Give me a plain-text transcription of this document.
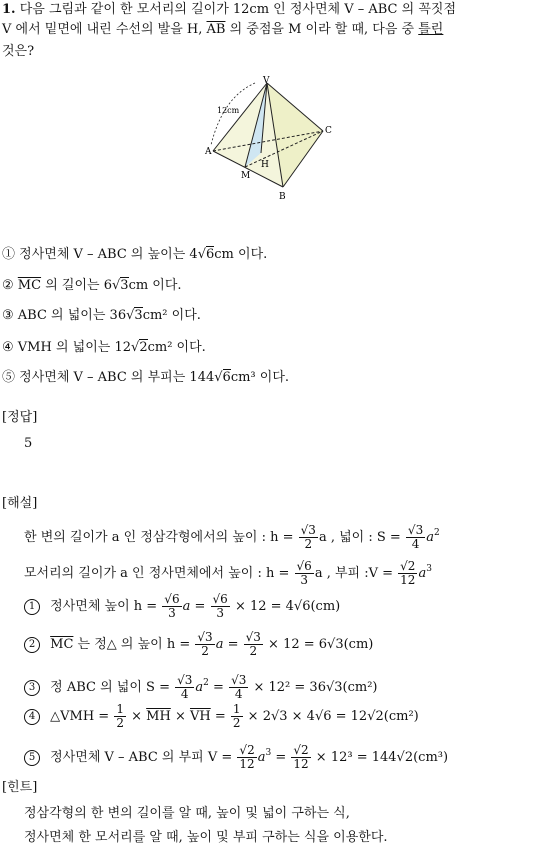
1. 다음 그림과 같이 한 모서리의 길이가 12cm 인 정사면체 V – ABC 의 꼭짓점
V 에서 밑면에 내린 수선의 발을 H, $\overline{AB}$ 의 중점을 M 이라 할 때, 다음 중 틀린
것은?
V
A
B
C
M
H
12cm
① 정사면체 V – ABC 의 높이는 4√6cm 이다.
② $\overline{MC}$ 의 길이는 6√3cm 이다.
③ ABC 의 넓이는 36√3cm² 이다.
④ VMH 의 넓이는 12√2cm² 이다.
⑤ 정사면체 V – ABC 의 부피는 144√6cm³ 이다.
[정답]
5
[해설]
한 변의 길이가 a 인 정삼각형에서의 높이 : $h = \frac{√3}{2}$ a , 넓이 : $S = \frac{√3}{4} a^2$
모서리의 길이가 a 인 정사면체에서 높이 : $h = \frac{√6}{3}$ a , 부피 :V = $\frac{√2}{12} a^3$
1 정사면체 높이 $h = \frac{√6}{3}$ $a = \frac{√6}{3} \times 12 = 4√6(cm)$
2 $\overline{MC}$ 는 정△ 의 높이 $h = \frac{√3}{2}$ $a = \frac{√3}{2} \times 12 = 6√3(cm)$
3 정 ABC 의 넓이 $S = \frac{√3}{4} a^2 = \frac{√3}{4} \times 12^2 = 36√3(cm^2)$
4 △VMH = $\frac{1}{2} \times \overline{MH} \times \overline{VH} = \frac{1}{2} \times 2√3 \times 4√6 = 12√2(cm^2)$
5 정사면체 V – ABC 의 부피 $V = \frac{√2}{12} a^3 = \frac{√2}{12} \times 12^3 = 144√2(cm^3)$
[힌트]
정삼각형의 한 변의 길이를 알 때, 높이 및 넓이 구하는 식,
정사면체 한 모서리를 알 때, 높이 및 부피 구하는 식을 이용한다.
